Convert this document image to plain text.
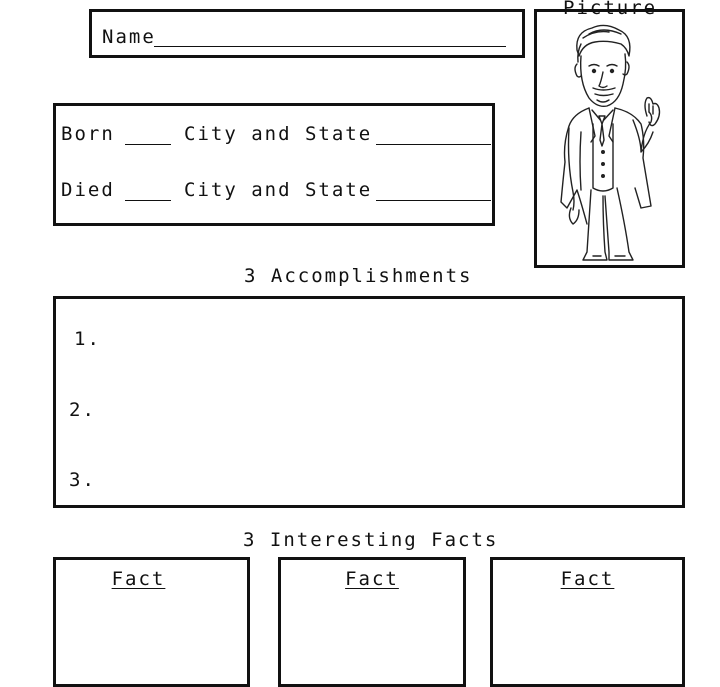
Name
Picture
Born	City and State
Died	City and State
3 Accomplishments
1.
2.
3.
3 Interesting Facts
Fact	Fact	Fact
